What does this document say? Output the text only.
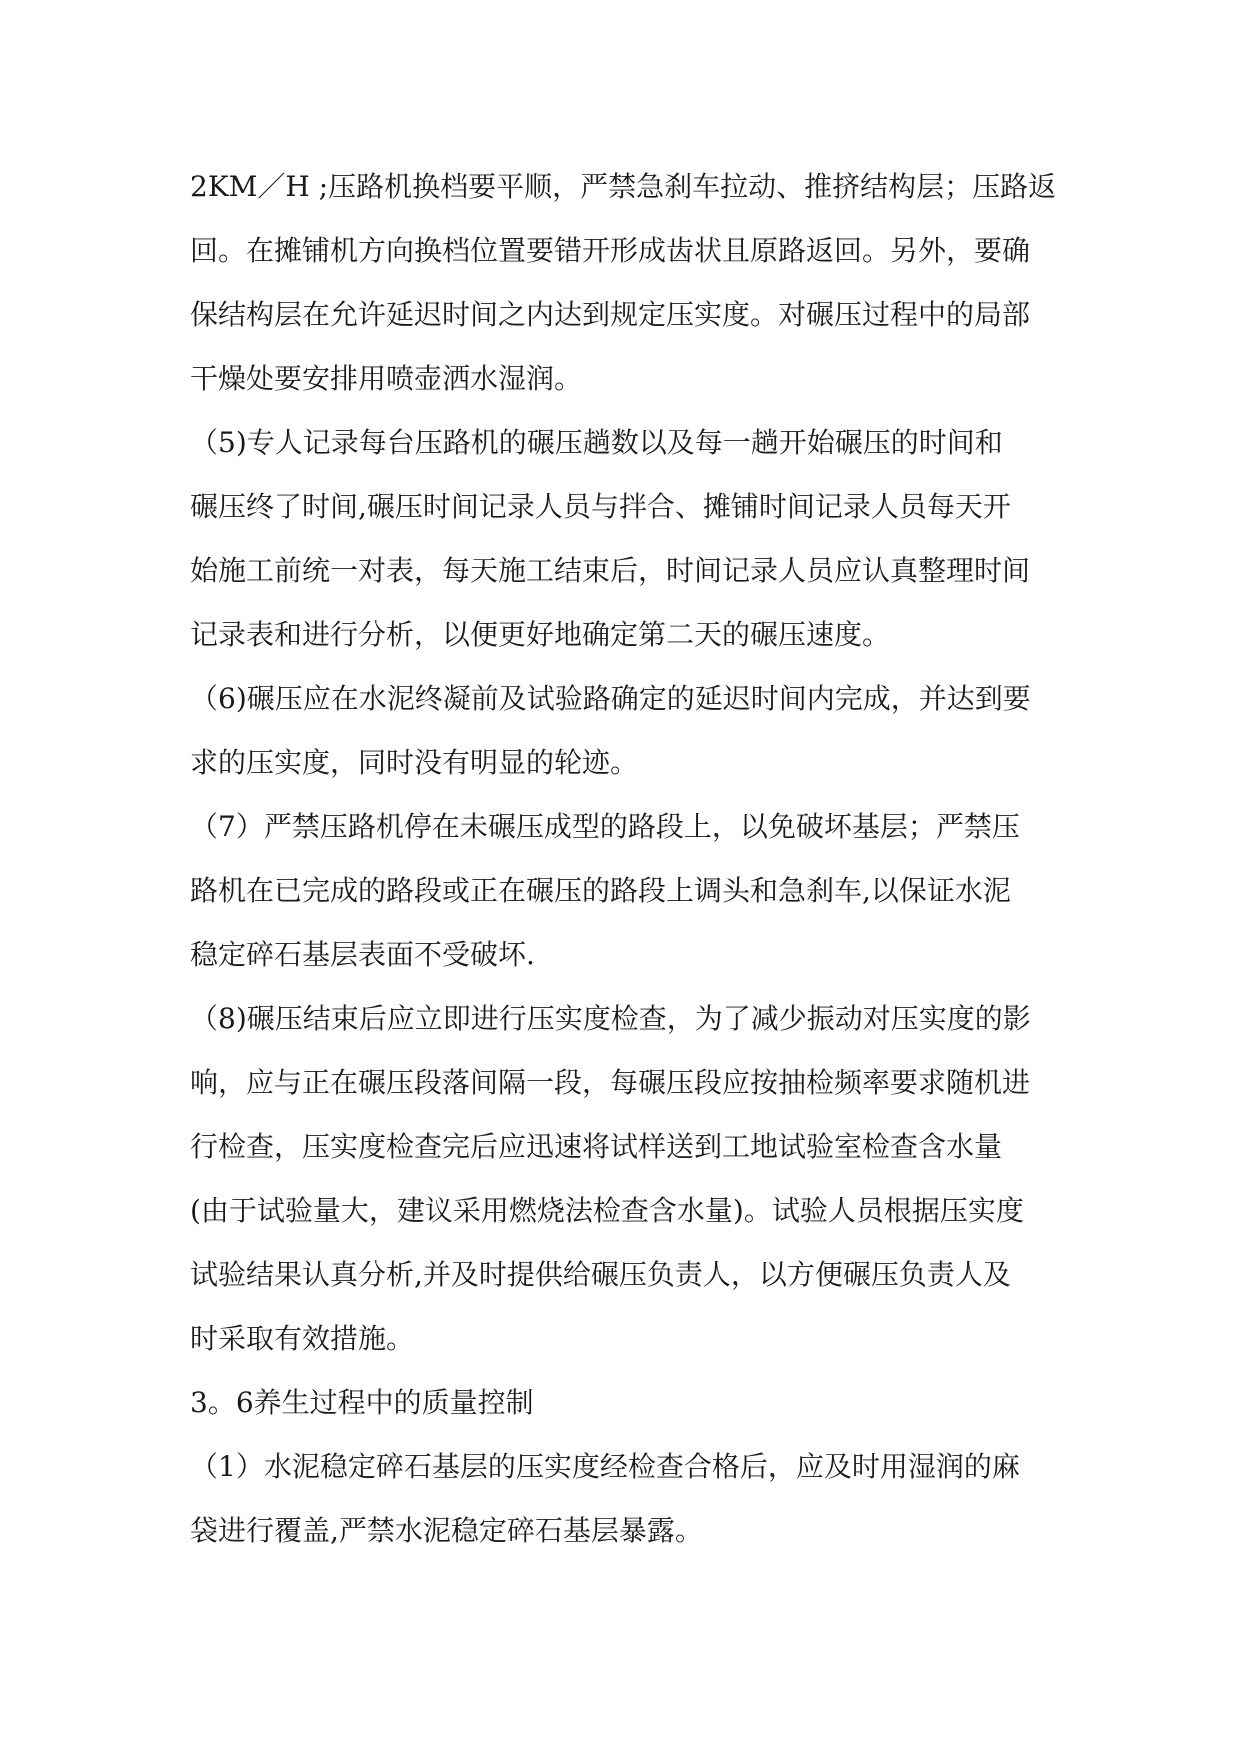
2KM／H ;压路机换档要平顺，严禁急刹车拉动、推挤结构层；压路返
回。在摊铺机方向换档位置要错开形成齿状且原路返回。另外，要确
保结构层在允许延迟时间之内达到规定压实度。对碾压过程中的局部
干燥处要安排用喷壶洒水湿润。
（5)专人记录每台压路机的碾压趟数以及每一趟开始碾压的时间和
碾压终了时间,碾压时间记录人员与拌合、摊铺时间记录人员每天开
始施工前统一对表，每天施工结束后，时间记录人员应认真整理时间
记录表和进行分析，以便更好地确定第二天的碾压速度。
（6)碾压应在水泥终凝前及试验路确定的延迟时间内完成，并达到要
求的压实度，同时没有明显的轮迹。
（7）严禁压路机停在未碾压成型的路段上，以免破坏基层；严禁压
路机在已完成的路段或正在碾压的路段上调头和急刹车,以保证水泥
稳定碎石基层表面不受破坏.
（8)碾压结束后应立即进行压实度检查，为了减少振动对压实度的影
响，应与正在碾压段落间隔一段，每碾压段应按抽检频率要求随机进
行检查，压实度检查完后应迅速将试样送到工地试验室检查含水量
(由于试验量大，建议采用燃烧法检查含水量)。试验人员根据压实度
试验结果认真分析,并及时提供给碾压负责人，以方便碾压负责人及
时采取有效措施。
3。6养生过程中的质量控制
（1）水泥稳定碎石基层的压实度经检查合格后，应及时用湿润的麻
袋进行覆盖,严禁水泥稳定碎石基层暴露。
